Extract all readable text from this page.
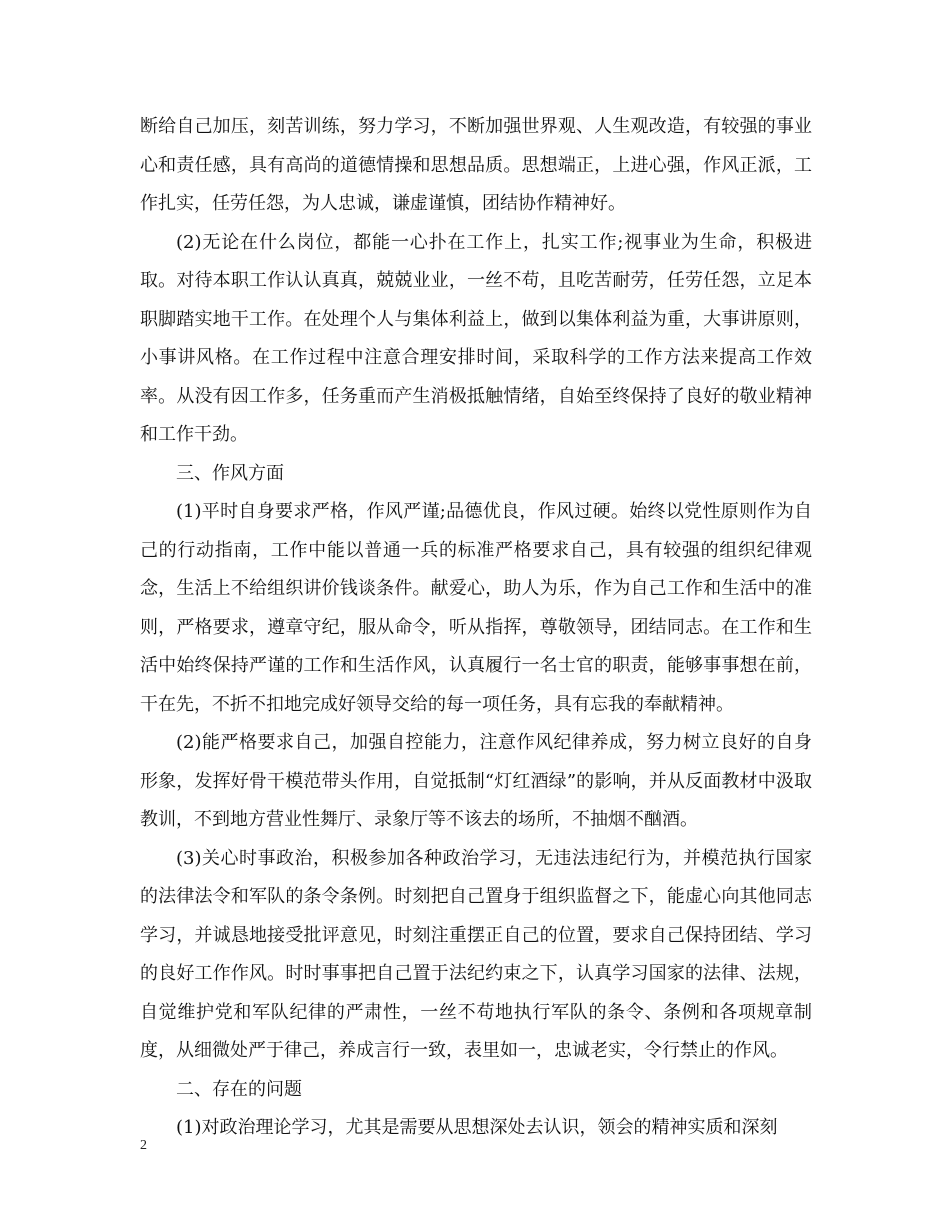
断给自己加压，刻苦训练，努力学习，不断加强世界观、人生观改造，有较强的事业心和责任感，具有高尚的道德情操和思想品质。思想端正，上进心强，作风正派，工作扎实，任劳任怨，为人忠诚，谦虚谨慎，团结协作精神好。

(2)无论在什么岗位，都能一心扑在工作上，扎实工作;视事业为生命，积极进取。对待本职工作认认真真，兢兢业业，一丝不苟，且吃苦耐劳，任劳任怨，立足本职脚踏实地干工作。在处理个人与集体利益上，做到以集体利益为重，大事讲原则，小事讲风格。在工作过程中注意合理安排时间，采取科学的工作方法来提高工作效率。从没有因工作多，任务重而产生消极抵触情绪，自始至终保持了良好的敬业精神和工作干劲。

三、作风方面

(1)平时自身要求严格，作风严谨;品德优良，作风过硬。始终以党性原则作为自己的行动指南，工作中能以普通一兵的标准严格要求自己，具有较强的组织纪律观念，生活上不给组织讲价钱谈条件。献爱心，助人为乐，作为自己工作和生活中的准则，严格要求，遵章守纪，服从命令，听从指挥，尊敬领导，团结同志。在工作和生活中始终保持严谨的工作和生活作风，认真履行一名士官的职责，能够事事想在前，干在先，不折不扣地完成好领导交给的每一项任务，具有忘我的奉献精神。

(2)能严格要求自己，加强自控能力，注意作风纪律养成，努力树立良好的自身形象，发挥好骨干模范带头作用，自觉抵制“灯红酒绿”的影响，并从反面教材中汲取教训，不到地方营业性舞厅、录象厅等不该去的场所，不抽烟不酗酒。

(3)关心时事政治，积极参加各种政治学习，无违法违纪行为，并模范执行国家的法律法令和军队的条令条例。时刻把自己置身于组织监督之下，能虚心向其他同志学习，并诚恳地接受批评意见，时刻注重摆正自己的位置，要求自己保持团结、学习的良好工作作风。时时事事把自己置于法纪约束之下，认真学习国家的法律、法规，自觉维护党和军队纪律的严肃性，一丝不苟地执行军队的条令、条例和各项规章制度，从细微处严于律己，养成言行一致，表里如一，忠诚老实，令行禁止的作风。

二、存在的问题

(1)对政治理论学习，尤其是需要从思想深处去认识，领会的精神实质和深刻

2
